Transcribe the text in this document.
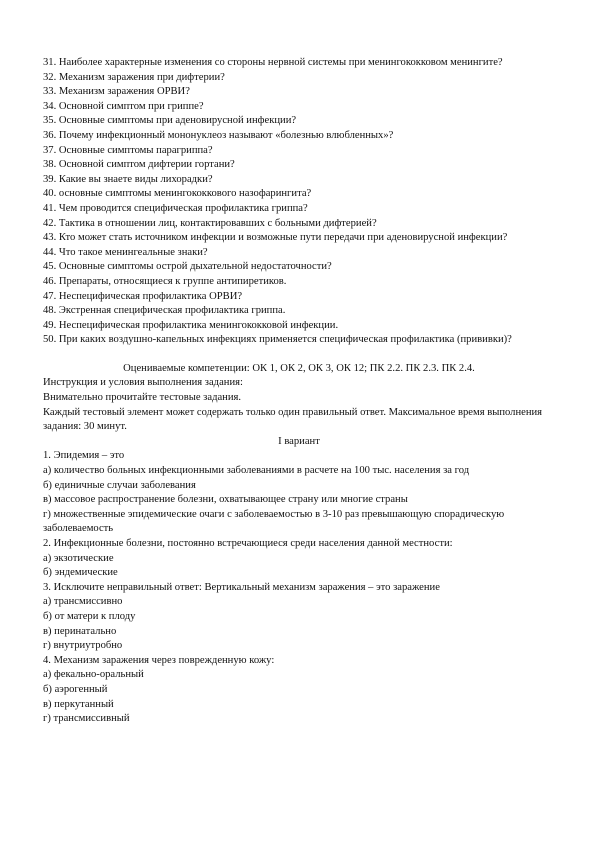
31. Наиболее характерные изменения со стороны нервной системы при менингококковом менингите?

32. Механизм заражения при дифтерии?

33. Механизм заражения ОРВИ?

34. Основной симптом при гриппе?

35. Основные симптомы при аденовирусной инфекции?

36. Почему инфекционный мононуклеоз называют «болезнью влюбленных»?

37. Основные симптомы парагриппа?

38. Основной симптом дифтерии гортани?

39. Какие вы знаете виды лихорадки?

40. основные симптомы менингококкового назофарингита?

41. Чем проводится специфическая профилактика гриппа?

42. Тактика в отношении лиц, контактировавших с больными дифтерией?

43. Кто может стать источником инфекции и возможные пути передачи при аденовирусной инфекции?

44. Что такое менингеальные знаки?

45. Основные симптомы острой дыхательной недостаточности?

46. Препараты, относящиеся к группе антипиретиков.

47. Неспецифическая профилактика ОРВИ?

48. Экстренная специфическая профилактика гриппа.

49. Неспецифическая профилактика менингококковой инфекции.

50. При каких воздушно-капельных инфекциях применяется специфическая профилактика (прививки)?

Оцениваемые компетенции: ОК 1, ОК 2, ОК 3, ОК 12; ПК 2.2. ПК 2.3. ПК 2.4.

Инструкция и условия выполнения задания:

Внимательно прочитайте тестовые задания.

Каждый тестовый элемент может содержать только один правильный ответ. Максимальное время выполнения задания: 30 минут.

I вариант

1. Эпидемия – это

а) количество больных инфекционными заболеваниями в расчете на 100 тыс. населения за год

б) единичные случаи заболевания

в) массовое распространение болезни, охватывающее страну или многие страны

г) множественные эпидемические очаги с заболеваемостью в 3-10 раз превышающую спорадическую заболеваемость

2. Инфекционные болезни, постоянно встречающиеся среди населения данной местности:

а) экзотические

б) эндемические

3. Исключите неправильный ответ: Вертикальный механизм заражения – это заражение

а) трансмиссивно

б) от матери к плоду

в) перинатально

г) внутриутробно

4. Механизм заражения через поврежденную кожу:

а) фекально-оральный

б) аэрогенный

в) перкутанный

г) трансмиссивный
